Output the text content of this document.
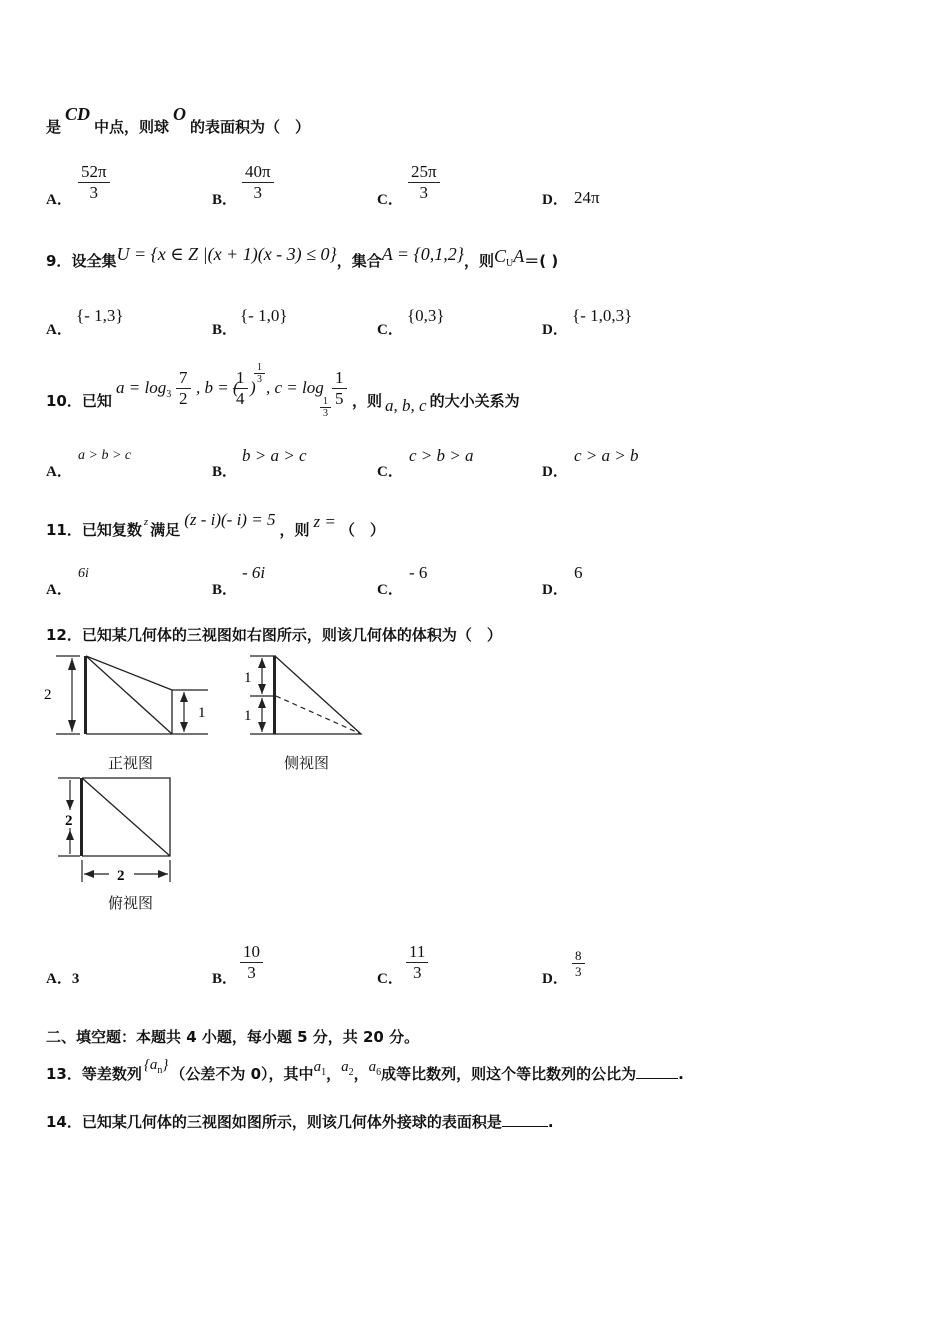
是CD中点，则球O的表面积为（　）
A． $\frac{52\pi}{3}$	B． $\frac{40\pi}{3}$	C． $\frac{25\pi}{3}$	D． 24π
9．设全集U = {x ∈ Z |(x + 1)(x - 3) ≤ 0}，集合A = {0,1,2}，则$C_UA=$( )
A．
{- 1,3}
B．
{- 1,0}
C．
{0,3}
D．
{- 1,0,3}
10．已知
$a = \log_3 \frac{7}{2}$ , b = (
$\frac{1}{4}$ )
$\frac{1}{3}$
, c = log
$\frac{1}{3} \frac{1}{5}$ ，则 a, b, c 的大小关系为
A．
a > b > c
B．
b > a > c
C．
c > b > a
D．
c > a > b
11．已知复数 $^z$ 满足(z - i)(- i) = 5，则 z = （　）
A．
6i
B．
- 6i
C．
- 6
D．
6
12．已知某几何体的三视图如右图所示，则该几何体的体积为（　）
2
1
正视图
1
1
侧视图
2
2
俯视图
A．3	B． $\frac{10}{3}$	C． $\frac{11}{3}$	D． $\frac{8}{3}$
二、填空题：本题共 4 小题，每小题 5 分，共 20 分。
13．等差数列 $\{a_n\}$ （公差不为 0），其中$a_1$，$a_2$，$a_6$成等比数列，则这个等比数列的公比为	.
14．已知某几何体的三视图如图所示，则该几何体外接球的表面积是	.
